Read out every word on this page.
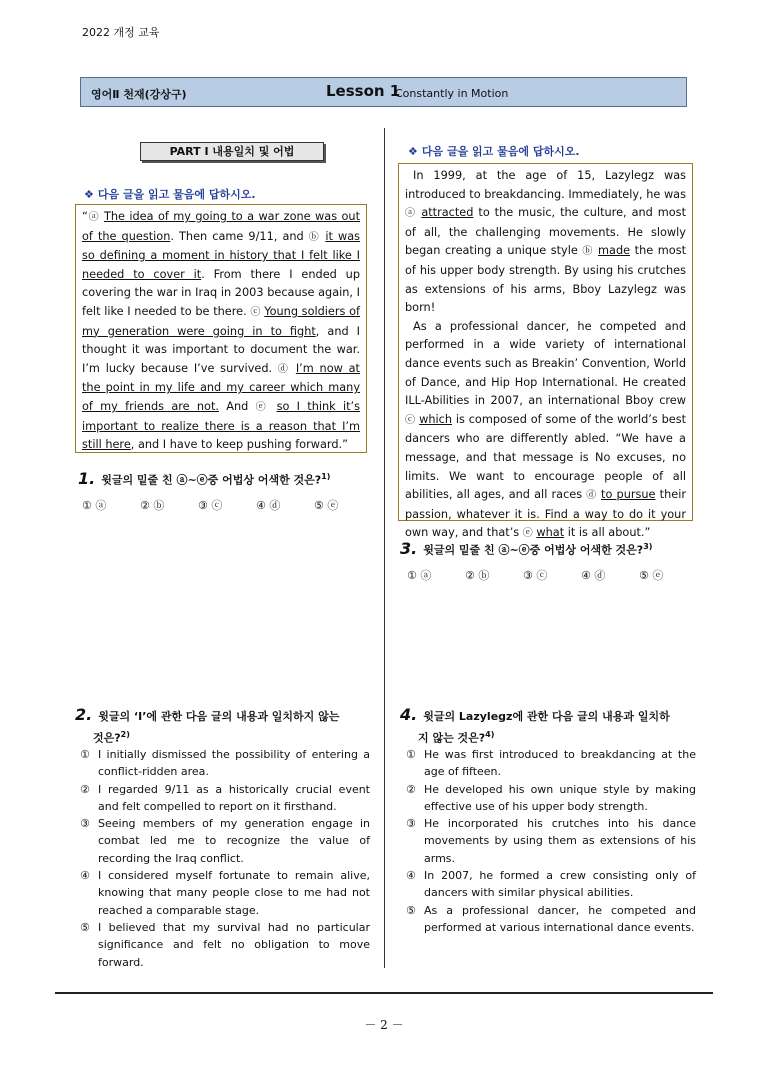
2022 개정 교육
영어Ⅱ 천재(강상구)	Lesson 1
Constantly in Motion
PART Ⅰ 내용일치 및 어법
❖ 다음 글을 읽고 물음에 답하시오.
“ⓐ The idea of my going to a war zone was out of the question. Then came 9/11, and ⓑ it was so defining a moment in history that I felt like I needed to cover it. From there I ended up covering the war in Iraq in 2003 because again, I felt like I needed to be there. ⓒ Young soldiers of my generation were going in to fight, and I thought it was important to document the war. I’m lucky because I’ve survived. ⓓ I’m now at the point in my life and my career which many of my friends are not. And ⓔ so I think it’s important to realize there is a reason that I’m still here, and I have to keep pushing forward.”
1. 윗글의 밑줄 친 ⓐ~ⓔ중 어법상 어색한 것은?$^{1)}$
① ⓐ	② ⓑ	③ ⓒ	④ ⓓ	⑤ ⓔ
2. 윗글의 ‘I’에 관한 다음 글의 내용과 일치하지 않는
것은?$^{2)}$
① I initially dismissed the possibility of entering a conflict-ridden area.
② I regarded 9/11 as a historically crucial event and felt compelled to report on it firsthand.
③ Seeing members of my generation engage in combat led me to recognize the value of recording the Iraq conflict.
④ I considered myself fortunate to remain alive, knowing that many people close to me had not reached a comparable stage.
⑤ I believed that my survival had no particular significance and felt no obligation to move forward.
❖ 다음 글을 읽고 물음에 답하시오.
In 1999, at the age of 15, Lazylegz was introduced to breakdancing. Immediately, he was ⓐ attracted to the music, the culture, and most of all, the challenging movements. He slowly began creating a unique style ⓑ made the most of his upper body strength. By using his crutches as extensions of his arms, Bboy Lazylegz was born!
As a professional dancer, he competed and performed in a wide variety of international dance events such as Breakin’ Convention, World of Dance, and Hip Hop International. He created ILL-Abilities in 2007, an international Bboy crew ⓒ which is composed of some of the world’s best dancers who are differently abled. “We have a message, and that message is No excuses, no limits. We want to encourage people of all abilities, all ages, and all races ⓓ to pursue their passion, whatever it is. Find a way to do it your own way, and that’s ⓔ what it is all about.”
3. 윗글의 밑줄 친 ⓐ~ⓔ중 어법상 어색한 것은?$^{3)}$
① ⓐ	② ⓑ	③ ⓒ	④ ⓓ	⑤ ⓔ
4. 윗글의 Lazylegz에 관한 다음 글의 내용과 일치하
지 않는 것은?$^{4)}$
① He was first introduced to breakdancing at the age of fifteen.
② He developed his own unique style by making effective use of his upper body strength.
③ He incorporated his crutches into his dance movements by using them as extensions of his arms.
④ In 2007, he formed a crew consisting only of dancers with similar physical abilities.
⑤ As a professional dancer, he competed and performed at various international dance events.
－ 2 －
